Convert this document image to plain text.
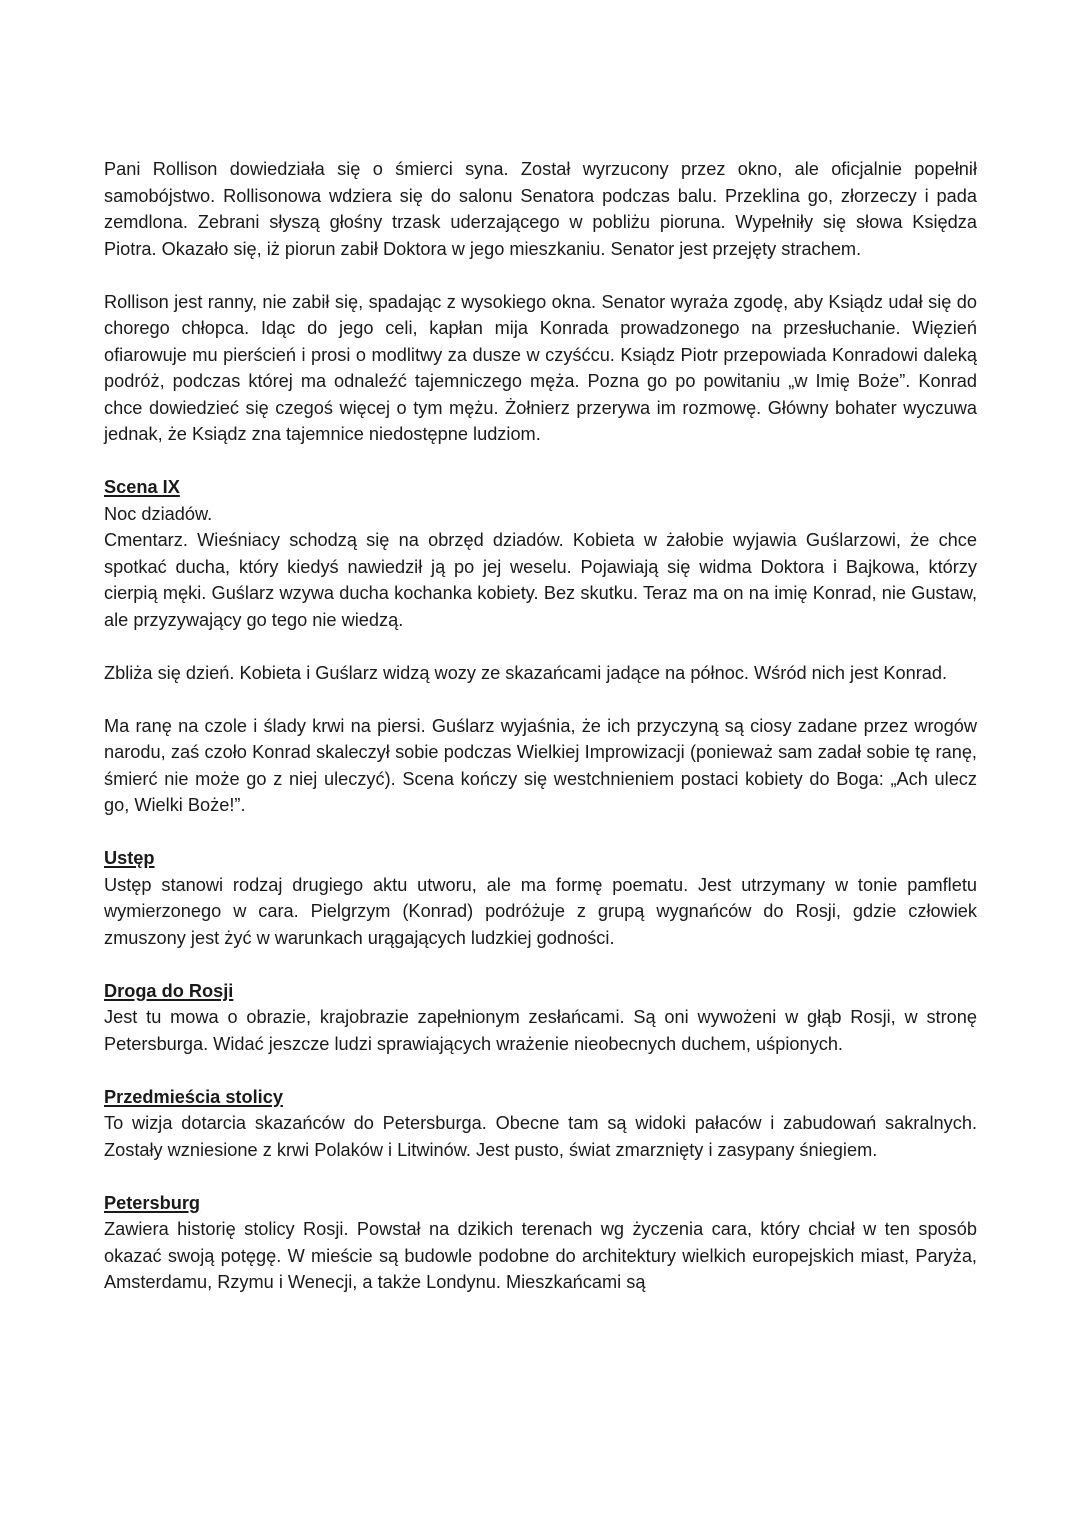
Pani Rollison dowiedziała się o śmierci syna. Został wyrzucony przez okno, ale oficjalnie popełnił samobójstwo. Rollisonowa wdziera się do salonu Senatora podczas balu. Przeklina go, złorzeczy i pada zemdlona. Zebrani słyszą głośny trzask uderzającego w pobliżu pioruna. Wypełniły się słowa Księdza Piotra. Okazało się, iż piorun zabił Doktora w jego mieszkaniu. Senator jest przejęty strachem.

Rollison jest ranny, nie zabił się, spadając z wysokiego okna. Senator wyraża zgodę, aby Ksiądz udał się do chorego chłopca. Idąc do jego celi, kapłan mija Konrada prowadzonego na przesłuchanie. Więzień ofiarowuje mu pierścień i prosi o modlitwy za dusze w czyśćcu. Ksiądz Piotr przepowiada Konradowi daleką podróż, podczas której ma odnaleźć tajemniczego męża. Pozna go po powitaniu „w Imię Boże”. Konrad chce dowiedzieć się czegoś więcej o tym mężu. Żołnierz przerywa im rozmowę. Główny bohater wyczuwa jednak, że Ksiądz zna tajemnice niedostępne ludziom.

Scena IX
Noc dziadów.

Cmentarz. Wieśniacy schodzą się na obrzęd dziadów. Kobieta w żałobie wyjawia Guślarzowi, że chce spotkać ducha, który kiedyś nawiedził ją po jej weselu. Pojawiają się widma Doktora i Bajkowa, którzy cierpią męki. Guślarz wzywa ducha kochanka kobiety. Bez skutku. Teraz ma on na imię Konrad, nie Gustaw, ale przyzywający go tego nie wiedzą.

Zbliża się dzień. Kobieta i Guślarz widzą wozy ze skazańcami jadące na północ. Wśród nich jest Konrad.

Ma ranę na czole i ślady krwi na piersi. Guślarz wyjaśnia, że ich przyczyną są ciosy zadane przez wrogów narodu, zaś czoło Konrad skaleczył sobie podczas Wielkiej Improwizacji (ponieważ sam zadał sobie tę ranę, śmierć nie może go z niej uleczyć). Scena kończy się westchnieniem postaci kobiety do Boga: „Ach ulecz go, Wielki Boże!”.

Ustęp

Ustęp stanowi rodzaj drugiego aktu utworu, ale ma formę poematu. Jest utrzymany w tonie pamfletu wymierzonego w cara. Pielgrzym (Konrad) podróżuje z grupą wygnańców do Rosji, gdzie człowiek zmuszony jest żyć w warunkach urągających ludzkiej godności.

Droga do Rosji

Jest tu mowa o obrazie, krajobrazie zapełnionym zesłańcami. Są oni wywożeni w głąb Rosji, w stronę Petersburga. Widać jeszcze ludzi sprawiających wrażenie nieobecnych duchem, uśpionych.

Przedmieścia stolicy

To wizja dotarcia skazańców do Petersburga. Obecne tam są widoki pałaców i zabudowań sakralnych. Zostały wzniesione z krwi Polaków i Litwinów. Jest pusto, świat zmarznięty i zasypany śniegiem.

Petersburg

Zawiera historię stolicy Rosji. Powstał na dzikich terenach wg życzenia cara, który chciał w ten sposób okazać swoją potęgę. W mieście są budowle podobne do architektury wielkich europejskich miast, Paryża, Amsterdamu, Rzymu i Wenecji, a także Londynu. Mieszkańcami są
